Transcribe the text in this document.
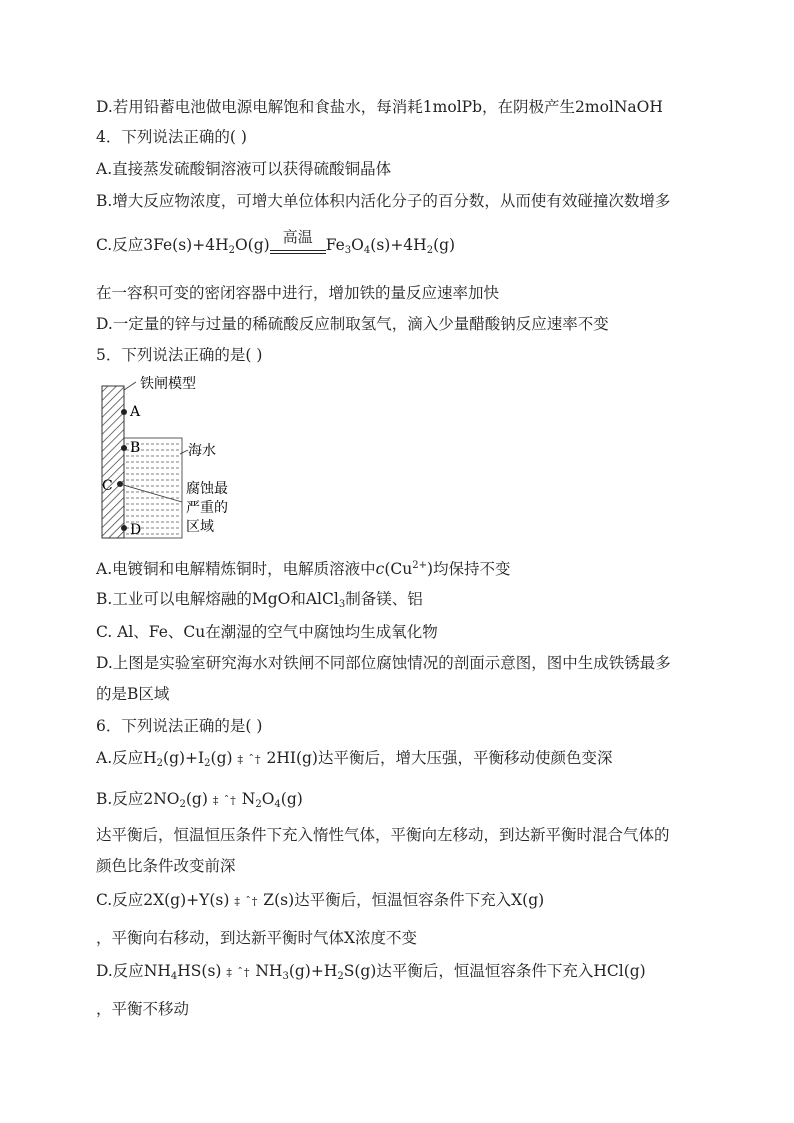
D.若用铅蓄电池做电源电解饱和食盐水，每消耗1molPb，在阴极产生2molNaOH
4．下列说法正确的( )
A.直接蒸发硫酸铜溶液可以获得硫酸铜晶体
B.增大反应物浓度，可增大单位体积内活化分子的百分数，从而使有效碰撞次数增多
C.反应$3Fe(s)+4H_2O(g)$ 高温 $Fe_3O_4(s)+4H_2(g)$
在一容积可变的密闭容器中进行，增加铁的量反应速率加快
D.一定量的锌与过量的稀硫酸反应制取氢气，滴入少量醋酸钠反应速率不变
5．下列说法正确的是( )
铁闸模型
A
B
C
D
海水
腐蚀最
严重的
区域
A.电镀铜和电解精炼铜时，电解质溶液中$c(Cu^{2+})$均保持不变
B.工业可以电解熔融的MgO和AlCl$_3$制备镁、铝
C. Al、Fe、Cu在潮湿的空气中腐蚀均生成氧化物
D.上图是实验室研究海水对铁闸不同部位腐蚀情况的剖面示意图，图中生成铁锈最多
的是B区域
6．下列说法正确的是( )
A.反应$H_2(g)+I_2(g)$ ‡ ˆ† 2HI(g)达平衡后，增大压强，平衡移动使颜色变深
B.反应$2NO_2(g)$ ‡ ˆ† $N_2O_4(g)$
达平衡后，恒温恒压条件下充入惰性气体，平衡向左移动，到达新平衡时混合气体的
颜色比条件改变前深
C.反应2X(g)+Y(s) ‡ ˆ† Z(s)达平衡后，恒温恒容条件下充入X(g)
，平衡向右移动，到达新平衡时气体X浓度不变
D.反应$NH_4HS(s)$ ‡ ˆ† $NH_3(g)+H_2S(g)$达平衡后，恒温恒容条件下充入HCl(g)
，平衡不移动
